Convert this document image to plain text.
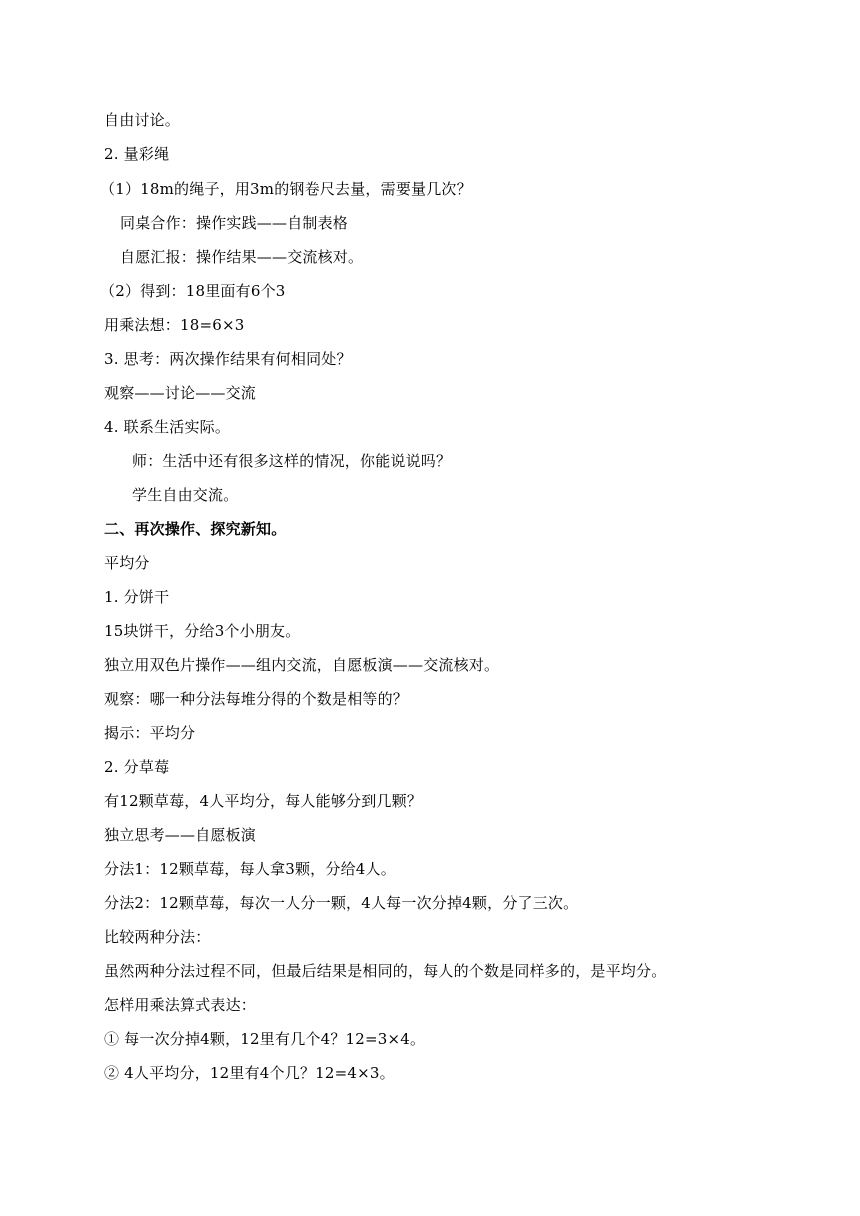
自由讨论。
2. 量彩绳
（1）18m的绳子，用3m的钢卷尺去量，需要量几次？
同桌合作：操作实践——自制表格
自愿汇报：操作结果——交流核对。
（2）得到：18里面有6个3
用乘法想：18=6×3
3. 思考：两次操作结果有何相同处？
观察——讨论——交流
4. 联系生活实际。
师：生活中还有很多这样的情况，你能说说吗？
学生自由交流。
二、再次操作、探究新知。
平均分
1. 分饼干
15块饼干，分给3个小朋友。
独立用双色片操作——组内交流，自愿板演——交流核对。
观察：哪一种分法每堆分得的个数是相等的？
揭示：平均分
2. 分草莓
有12颗草莓，4人平均分，每人能够分到几颗？
独立思考——自愿板演
分法1：12颗草莓，每人拿3颗，分给4人。
分法2：12颗草莓，每次一人分一颗，4人每一次分掉4颗，分了三次。
比较两种分法：
虽然两种分法过程不同，但最后结果是相同的，每人的个数是同样多的，是平均分。
怎样用乘法算式表达：
① 每一次分掉4颗，12里有几个4？12=3×4。
② 4人平均分，12里有4个几？12=4×3。
